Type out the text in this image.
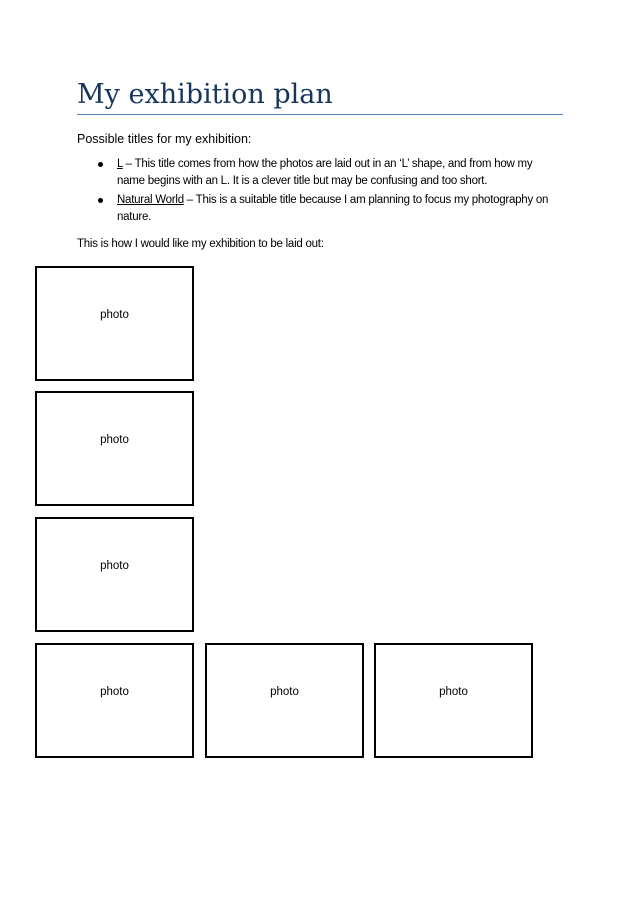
My exhibition plan
Possible titles for my exhibition:
L – This title comes from how the photos are laid out in an ‘L’ shape, and from how my name begins with an L. It is a clever title but may be confusing and too short.
Natural World – This is a suitable title because I am planning to focus my photography on nature.
This is how I would like my exhibition to be laid out:
photo
photo
photo
photo	photo	photo
